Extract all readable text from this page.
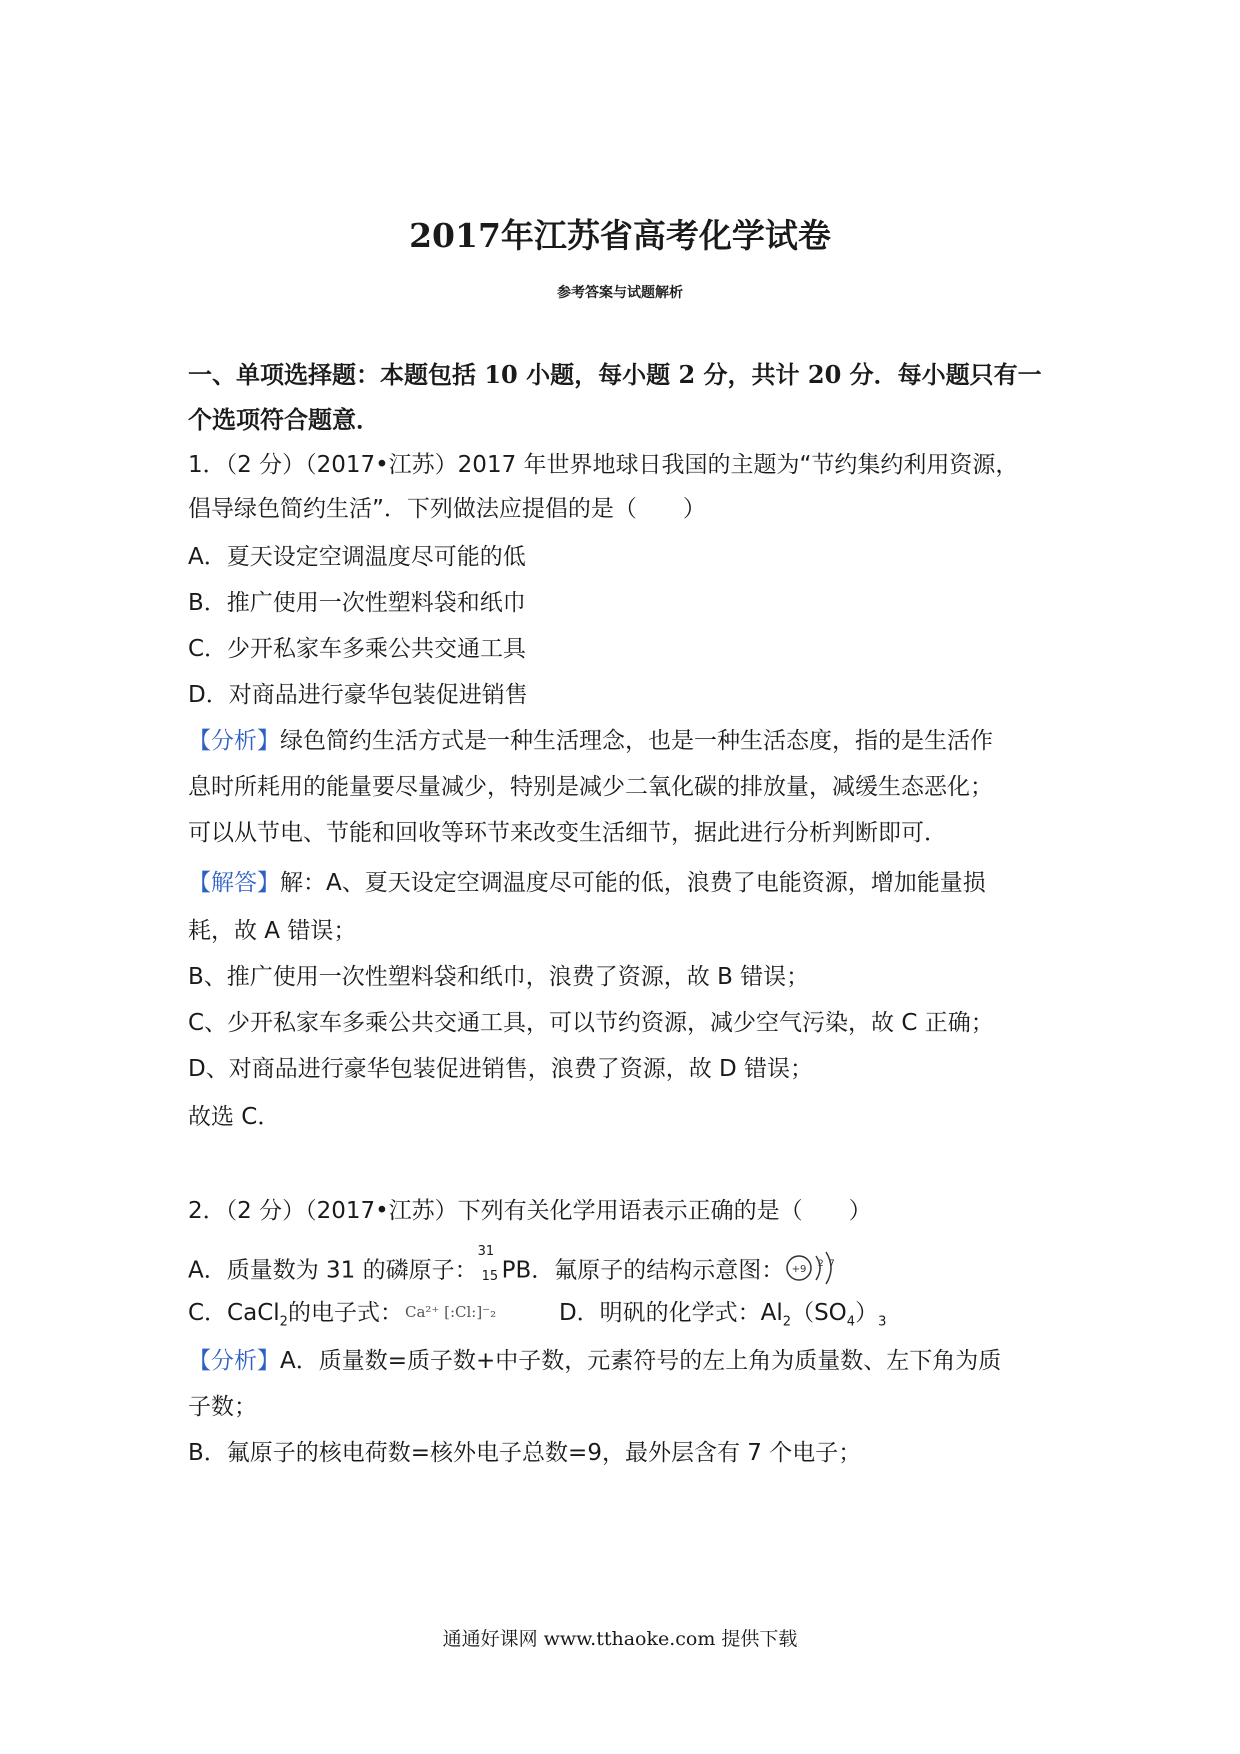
2017年江苏省高考化学试卷
参考答案与试题解析
一、单项选择题：本题包括 10 小题，每小题 2 分，共计 20 分．每小题只有一
个选项符合题意．
1．（2 分）（2017•江苏）2017 年世界地球日我国的主题为“节约集约利用资源，
倡导绿色简约生活”．下列做法应提倡的是（　　）
A．夏天设定空调温度尽可能的低
B．推广使用一次性塑料袋和纸巾
C．少开私家车多乘公共交通工具
D．对商品进行豪华包装促进销售
【分析】绿色简约生活方式是一种生活理念，也是一种生活态度，指的是生活作
息时所耗用的能量要尽量减少，特别是减少二氧化碳的排放量，减缓生态恶化；
可以从节电、节能和回收等环节来改变生活细节，据此进行分析判断即可．
【解答】解：A、夏天设定空调温度尽可能的低，浪费了电能资源，增加能量损
耗，故 A 错误；
B、推广使用一次性塑料袋和纸巾，浪费了资源，故 B 错误；
C、少开私家车多乘公共交通工具，可以节约资源，减少空气污染，故 C 正确；
D、对商品进行豪华包装促进销售，浪费了资源，故 D 错误；
故选 C．
2．（2 分）（2017•江苏）下列有关化学用语表示正确的是（　　）
A．质量数为 31 的磷原子：
31
15 PB．氟原子的结构示意图： +9 2 7
C．CaCl$_2$的电子式： Ca²⁺ [:Cl:]⁻₂	D．明矾的化学式：$Al_2(SO_4)_3$
【分析】A．质量数=质子数+中子数，元素符号的左上角为质量数、左下角为质
子数；
B．氟原子的核电荷数=核外电子总数=9，最外层含有 7 个电子；
通通好课网 www.tthaoke.com 提供下载
